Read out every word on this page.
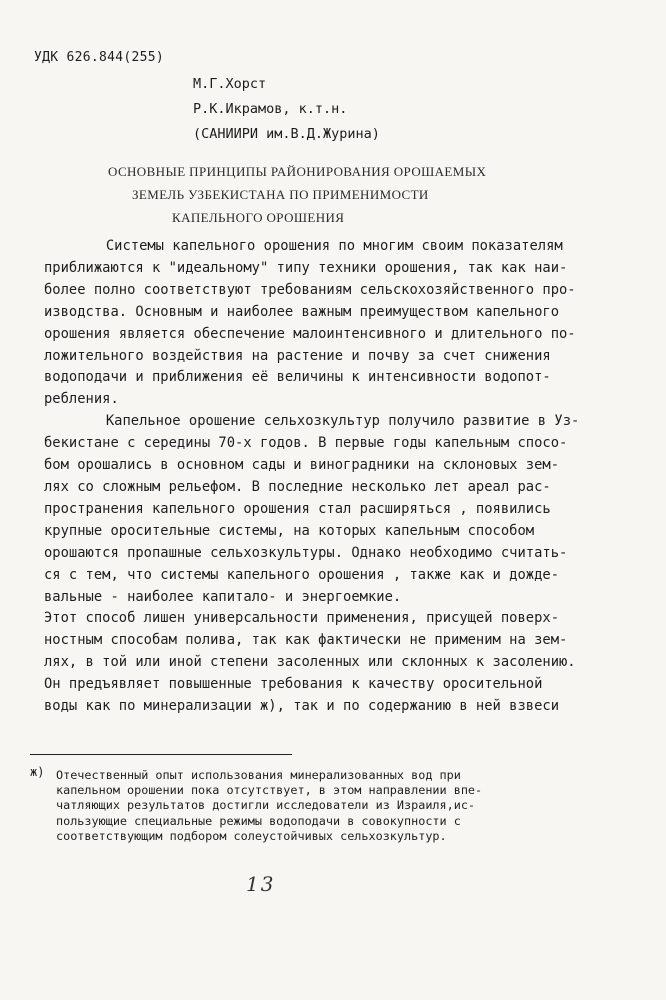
УДК 626.844(255)
М.Г.Хорст
Р.К.Икрамов, к.т.н.
(САНИИРИ им.В.Д.Журина)
ОСНОВНЫЕ ПРИНЦИПЫ РАЙОНИРОВАНИЯ ОРОШАЕМЫХ
ЗЕМЕЛЬ УЗБЕКИСТАНА ПО ПРИМЕНИМОСТИ
КАПЕЛЬНОГО ОРОШЕНИЯ
Системы капельного орошения по многим своим показателям
приближаются к "идеальному" типу техники орошения, так как наи-
более полно соответствуют требованиям сельскохозяйственного про-
изводства. Основным и наиболее важным преимуществом капельного
орошения является обеспечение малоинтенсивного и длительного по-
ложительного воздействия на растение и почву за счет снижения
водоподачи и приближения её величины к интенсивности водопот-
ребления.
Капельное орошение сельхозкультур получило развитие в Уз-
бекистане с середины 70-х годов. В первые годы капельным спосо-
бом орошались в основном сады и виноградники на склоновых зем-
лях со сложным рельефом. В последние несколько лет ареал рас-
пространения капельного орошения стал расширяться , появились
крупные оросительные системы, на которых капельным способом
орошаются пропашные сельхозкультуры. Однако необходимо считать-
ся с тем, что системы капельного орошения , также как и дожде-
вальные - наиболее капитало- и энергоемкие.
Этот способ лишен универсальности применения, присущей поверх-
ностным способам полива, так как фактически не применим на зем-
лях, в той или иной степени засоленных или склонных к засолению.
Он предъявляет повышенные требования к качеству оросительной
воды как по минерализации ж), так и по содержанию в ней взвеси
ж) Отечественный опыт использования минерализованных вод при
капельном орошении пока отсутствует, в этом направлении впе-
чатляющих результатов достигли исследователи из Израиля,ис-
пользующие специальные режимы водоподачи в совокупности с
соответствующим подбором солеустойчивых сельхозкультур.
13
